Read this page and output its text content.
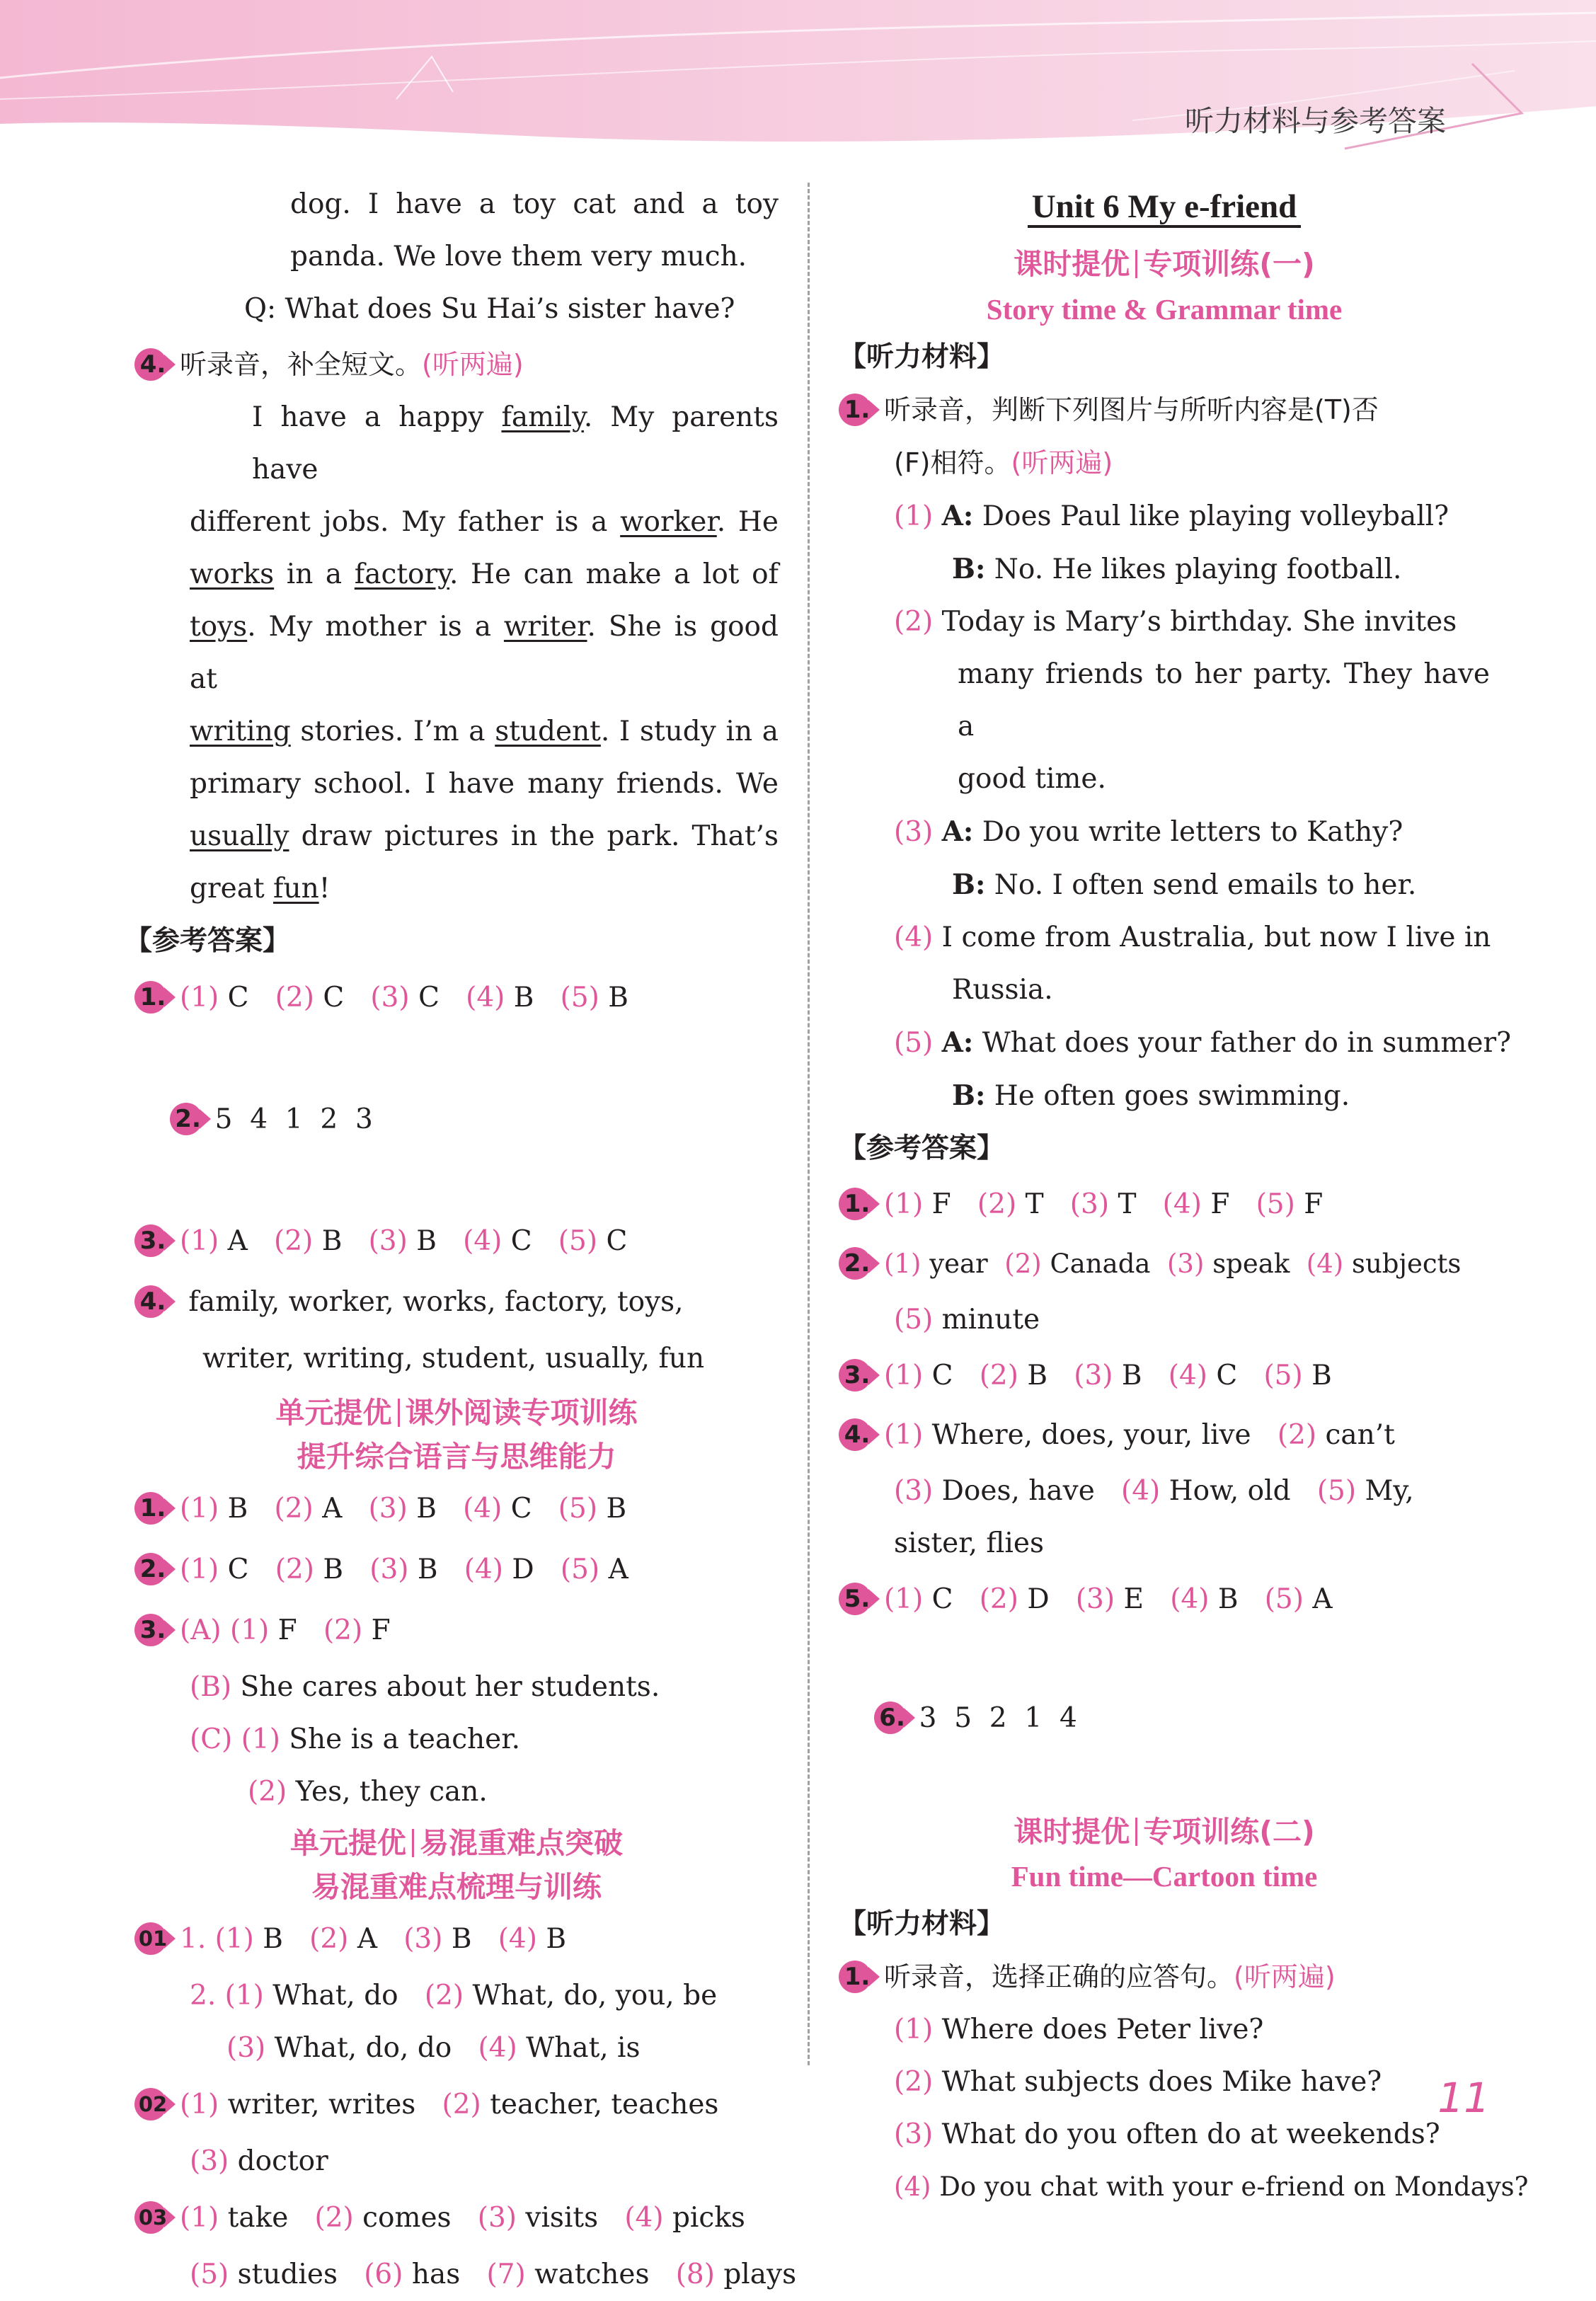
听力材料与参考答案
11

dog. I have a toy cat and a toy

panda. We love them very much.

Q: What does Su Hai’s sister have?

4. 听录音，补全短文。(听两遍)

I have a happy family. My parents have

different jobs. My father is a worker. He

works in a factory. He can make a lot of

toys. My mother is a writer. She is good at

writing stories. I’m a student. I study in a

primary school. I have many friends. We

usually draw pictures in the park. That’s

great fun!

【参考答案】

1. (1) C (2) C (3) C (4) B (5) B

2. 5  4  1  2  3

3. (1) A (2) B (3) B (4) C (5) C

4. family, worker, works, factory, toys,

writer, writing, student, usually, fun

单元提优 课外阅读专项训练

提升综合语言与思维能力

1. (1) B (2) A (3) B (4) C (5) B

2. (1) C (2) B (3) B (4) D (5) A

3. (A) (1) F (2) F

(B) She cares about her students.

(C) (1) She is a teacher.

(2) Yes, they can.

单元提优 易混重难点突破

易混重难点梳理与训练

01 1. (1) B (2) A (3) B (4) B

2. (1) What, do (2) What, do, you, be

(3) What, do, do (4) What, is

02 (1) writer, writes (2) teacher, teaches

(3) doctor

03 (1) take (2) comes (3) visits (4) picks

(5) studies (6) has (7) watches (8) plays

Unit 6 My e-friend

课时提优 专项训练(一)

Story time & Grammar time

【听力材料】

1. 听录音，判断下列图片与所听内容是(T)否

(F)相符。(听两遍)

(1) A: Does Paul like playing volleyball?

B: No. He likes playing football.

(2) Today is Mary’s birthday. She invites

many friends to her party. They have a

good time.

(3) A: Do you write letters to Kathy?

B: No. I often send emails to her.

(4) I come from Australia, but now I live in

Russia.

(5) A: What does your father do in summer?

B: He often goes swimming.

【参考答案】

1. (1) F (2) T (3) T (4) F (5) F

2. (1) year (2) Canada (3) speak (4) subjects

(5) minute

3. (1) C (2) B (3) B (4) C (5) B

4. (1) Where, does, your, live (2) can’t

(3) Does, have (4) How, old (5) My,

sister, flies

5. (1) C (2) D (3) E (4) B (5) A

6. 3  5  2  1  4

课时提优 专项训练(二)

Fun time—Cartoon time

【听力材料】

1. 听录音，选择正确的应答句。(听两遍)

(1) Where does Peter live?

(2) What subjects does Mike have?

(3) What do you often do at weekends?

(4) Do you chat with your e-friend on Mondays?
